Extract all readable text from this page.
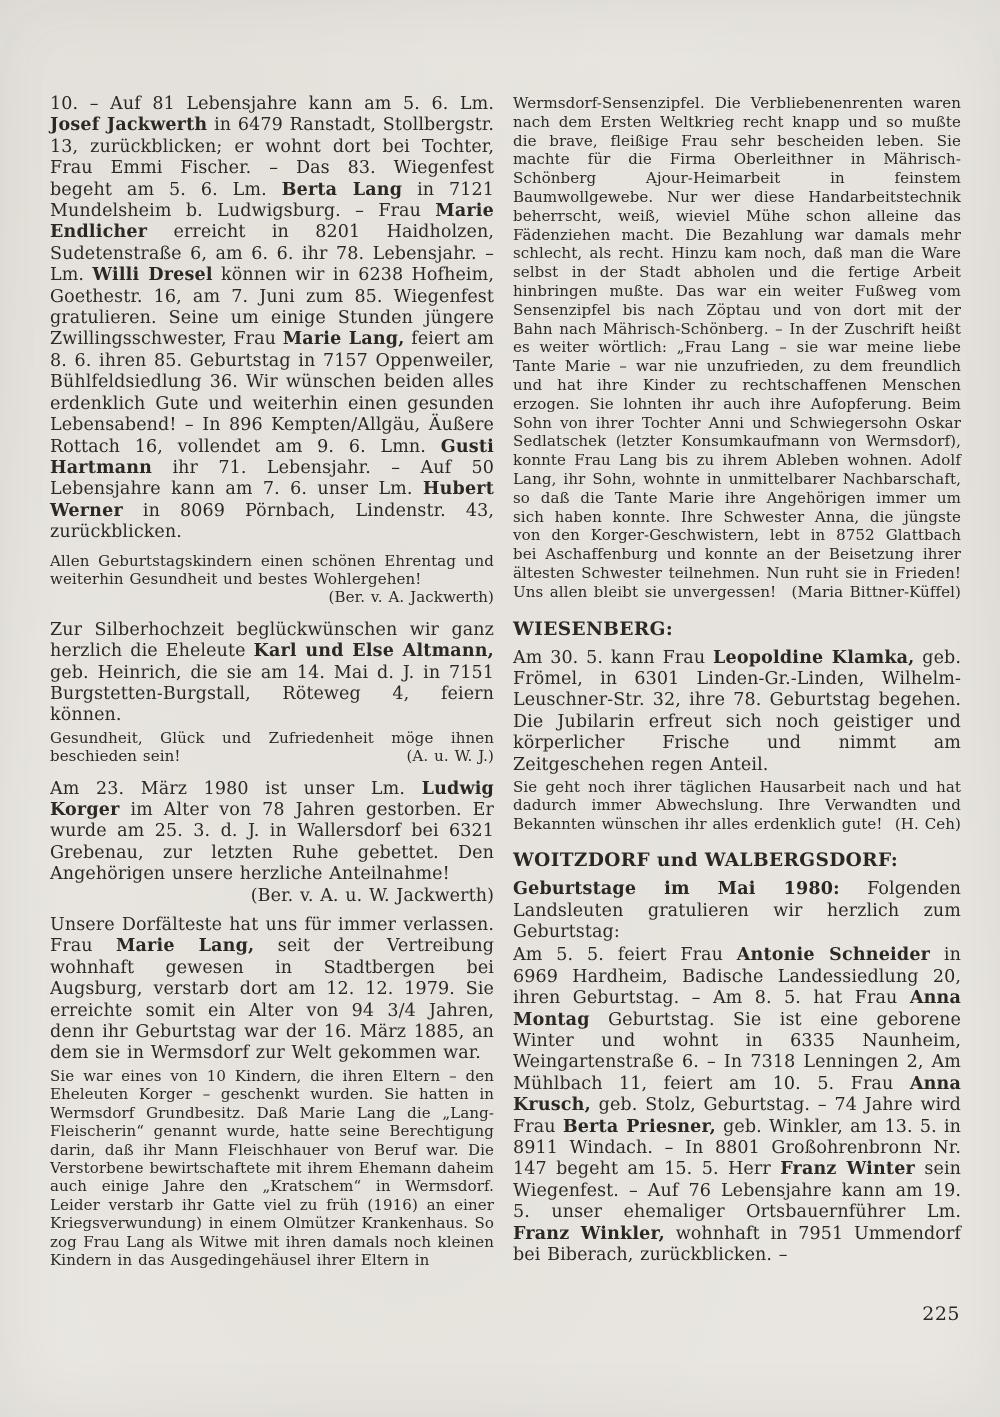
10. – Auf 81 Lebensjahre kann am 5. 6. Lm. Josef Jackwerth in 6479 Ranstadt, Stollbergstr. 13, zurückblicken; er wohnt dort bei Tochter, Frau Emmi Fischer. – Das 83. Wiegenfest begeht am 5. 6. Lm. Berta Lang in 7121 Mundelsheim b. Ludwigsburg. – Frau Marie Endlicher erreicht in 8201 Haidholzen, Sudetenstraße 6, am 6. 6. ihr 78. Lebensjahr. – Lm. Willi Dresel können wir in 6238 Hofheim, Goethestr. 16, am 7. Juni zum 85. Wiegenfest gratulieren. Seine um einige Stunden jüngere Zwillingsschwester, Frau Marie Lang, feiert am 8. 6. ihren 85. Geburtstag in 7157 Oppenweiler, Bühlfeldsiedlung 36. Wir wünschen beiden alles erdenklich Gute und weiterhin einen gesunden Lebensabend! – In 896 Kempten/Allgäu, Äußere Rottach 16, vollendet am 9. 6. Lmn. Gusti Hartmann ihr 71. Lebensjahr. – Auf 50 Lebensjahre kann am 7. 6. unser Lm. Hubert Werner in 8069 Pörnbach, Lindenstr. 43, zurückblicken.

Allen Geburtstagskindern einen schönen Ehrentag und weiterhin Gesundheit und bestes Wohlergehen!
(Ber. v. A. Jackwerth)

Zur Silberhochzeit beglückwünschen wir ganz herzlich die Eheleute Karl und Else Altmann, geb. Heinrich, die sie am 14. Mai d. J. in 7151 Burgstetten-Burgstall, Röteweg 4, feiern können.

Gesundheit, Glück und Zufriedenheit möge ihnen beschieden sein!	(A. u. W. J.)

Am 23. März 1980 ist unser Lm. Ludwig Korger im Alter von 78 Jahren gestorben. Er wurde am 25. 3. d. J. in Wallersdorf bei 6321 Grebenau, zur letzten Ruhe gebettet. Den Angehörigen unsere herzliche Anteilnahme!
(Ber. v. A. u. W. Jackwerth)

Unsere Dorfälteste hat uns für immer verlassen. Frau Marie Lang, seit der Vertreibung wohnhaft gewesen in Stadtbergen bei Augsburg, verstarb dort am 12. 12. 1979. Sie erreichte somit ein Alter von 94 3/4 Jahren, denn ihr Geburtstag war der 16. März 1885, an dem sie in Wermsdorf zur Welt gekommen war.

Sie war eines von 10 Kindern, die ihren Eltern – den Eheleuten Korger – geschenkt wurden. Sie hatten in Wermsdorf Grundbesitz. Daß Marie Lang die „Lang-Fleischerin“ genannt wurde, hatte seine Berechtigung darin, daß ihr Mann Fleischhauer von Beruf war. Die Verstorbene bewirtschaftete mit ihrem Ehemann daheim auch einige Jahre den „Kratschem“ in Wermsdorf. Leider verstarb ihr Gatte viel zu früh (1916) an einer Kriegsverwundung) in einem Olmützer Krankenhaus. So zog Frau Lang als Witwe mit ihren damals noch kleinen Kindern in das Ausgedingehäusel ihrer Eltern in

Wermsdorf-Sensenzipfel. Die Verbliebenenrenten waren nach dem Ersten Weltkrieg recht knapp und so mußte die brave, fleißige Frau sehr bescheiden leben. Sie machte für die Firma Oberleithner in Mährisch-Schönberg Ajour-Heimarbeit in feinstem Baumwollgewebe. Nur wer diese Handarbeitstechnik beherrscht, weiß, wieviel Mühe schon alleine das Fädenziehen macht. Die Bezahlung war damals mehr schlecht, als recht. Hinzu kam noch, daß man die Ware selbst in der Stadt abholen und die fertige Arbeit hinbringen mußte. Das war ein weiter Fußweg vom Sensenzipfel bis nach Zöptau und von dort mit der Bahn nach Mährisch-Schönberg. – In der Zuschrift heißt es weiter wörtlich: „Frau Lang – sie war meine liebe Tante Marie – war nie unzufrieden, zu dem freundlich und hat ihre Kinder zu rechtschaffenen Menschen erzogen. Sie lohnten ihr auch ihre Aufopferung. Beim Sohn von ihrer Tochter Anni und Schwiegersohn Oskar Sedlatschek (letzter Konsumkaufmann von Wermsdorf), konnte Frau Lang bis zu ihrem Ableben wohnen. Adolf Lang, ihr Sohn, wohnte in unmittelbarer Nachbarschaft, so daß die Tante Marie ihre Angehörigen immer um sich haben konnte. Ihre Schwester Anna, die jüngste von den Korger-Geschwistern, lebt in 8752 Glattbach bei Aschaffenburg und konnte an der Beisetzung ihrer ältesten Schwester teilnehmen. Nun ruht sie in Frieden! Uns allen bleibt sie unvergessen!	(Maria Bittner-Küffel)

WIESENBERG:

Am 30. 5. kann Frau Leopoldine Klamka, geb. Frömel, in 6301 Linden-Gr.-Linden, Wilhelm-Leuschner-Str. 32, ihre 78. Geburtstag begehen. Die Jubilarin erfreut sich noch geistiger und körperlicher Frische und nimmt am Zeitgeschehen regen Anteil.

Sie geht noch ihrer täglichen Hausarbeit nach und hat dadurch immer Abwechslung. Ihre Verwandten und Bekannten wünschen ihr alles erdenklich gute! (H. Ceh)

WOITZDORF und WALBERGSDORF:

Geburtstage im Mai 1980: Folgenden Landsleuten gratulieren wir herzlich zum Geburtstag:

Am 5. 5. feiert Frau Antonie Schneider in 6969 Hardheim, Badische Landessiedlung 20, ihren Geburtstag. – Am 8. 5. hat Frau Anna Montag Geburtstag. Sie ist eine geborene Winter und wohnt in 6335 Naunheim, Weingartenstraße 6. – In 7318 Lenningen 2, Am Mühlbach 11, feiert am 10. 5. Frau Anna Krusch, geb. Stolz, Geburtstag. – 74 Jahre wird Frau Berta Priesner, geb. Winkler, am 13. 5. in 8911 Windach. – In 8801 Großohrenbronn Nr. 147 begeht am 15. 5. Herr Franz Winter sein Wiegenfest. – Auf 76 Lebensjahre kann am 19. 5. unser ehemaliger Ortsbauernführer Lm. Franz Winkler, wohnhaft in 7951 Ummendorf bei Biberach, zurückblicken. –

225
